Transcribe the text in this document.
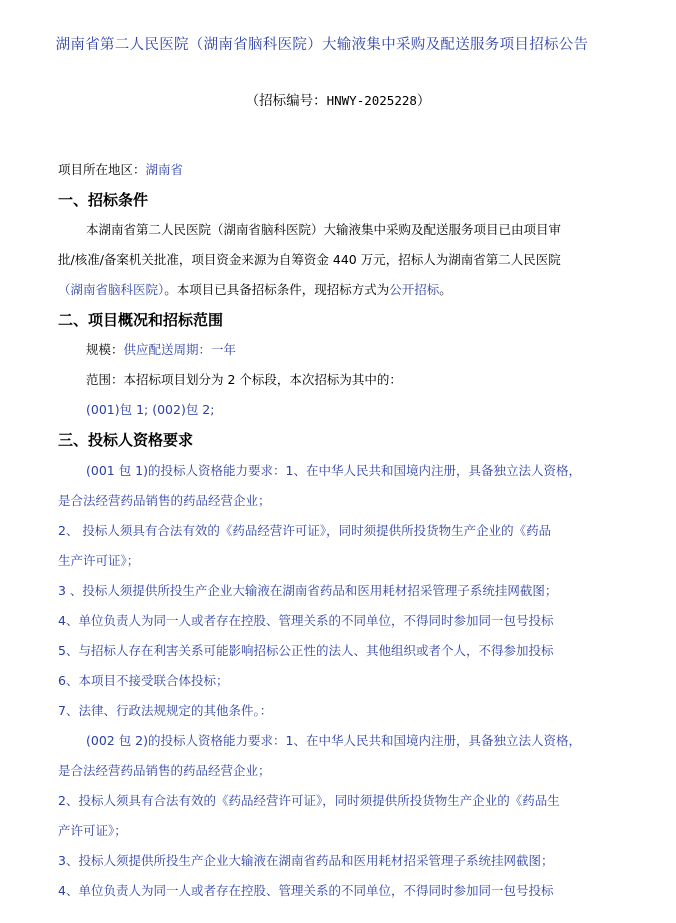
湖南省第二人民医院（湖南省脑科医院）大输液集中采购及配送服务项目招标公告
（招标编号：HNWY-2025228）
项目所在地区：湖南省
一、招标条件
本湖南省第二人民医院（湖南省脑科医院）大输液集中采购及配送服务项目已由项目审
批/核准/备案机关批准，项目资金来源为自筹资金 440 万元，招标人为湖南省第二人民医院
（湖南省脑科医院）。本项目已具备招标条件，现招标方式为公开招标。
二、项目概况和招标范围
规模：供应配送周期：一年
范围：本招标项目划分为 2 个标段，本次招标为其中的：
(001)包 1; (002)包 2;
三、投标人资格要求
(001 包 1)的投标人资格能力要求：1、在中华人民共和国境内注册，具备独立法人资格，
是合法经营药品销售的药品经营企业；
2、 投标人须具有合法有效的《药品经营许可证》，同时须提供所投货物生产企业的《药品
生产许可证》；
3 、投标人须提供所投生产企业大输液在湖南省药品和医用耗材招采管理子系统挂网截图；
4、单位负责人为同一人或者存在控股、管理关系的不同单位，不得同时参加同一包号投标
5、与招标人存在利害关系可能影响招标公正性的法人、其他组织或者个人，不得参加投标
6、本项目不接受联合体投标；
7、法律、行政法规规定的其他条件。：
(002 包 2)的投标人资格能力要求：1、在中华人民共和国境内注册，具备独立法人资格，
是合法经营药品销售的药品经营企业；
2、投标人须具有合法有效的《药品经营许可证》，同时须提供所投货物生产企业的《药品生
产许可证》；
3、投标人须提供所投生产企业大输液在湖南省药品和医用耗材招采管理子系统挂网截图；
4、单位负责人为同一人或者存在控股、管理关系的不同单位，不得同时参加同一包号投标
